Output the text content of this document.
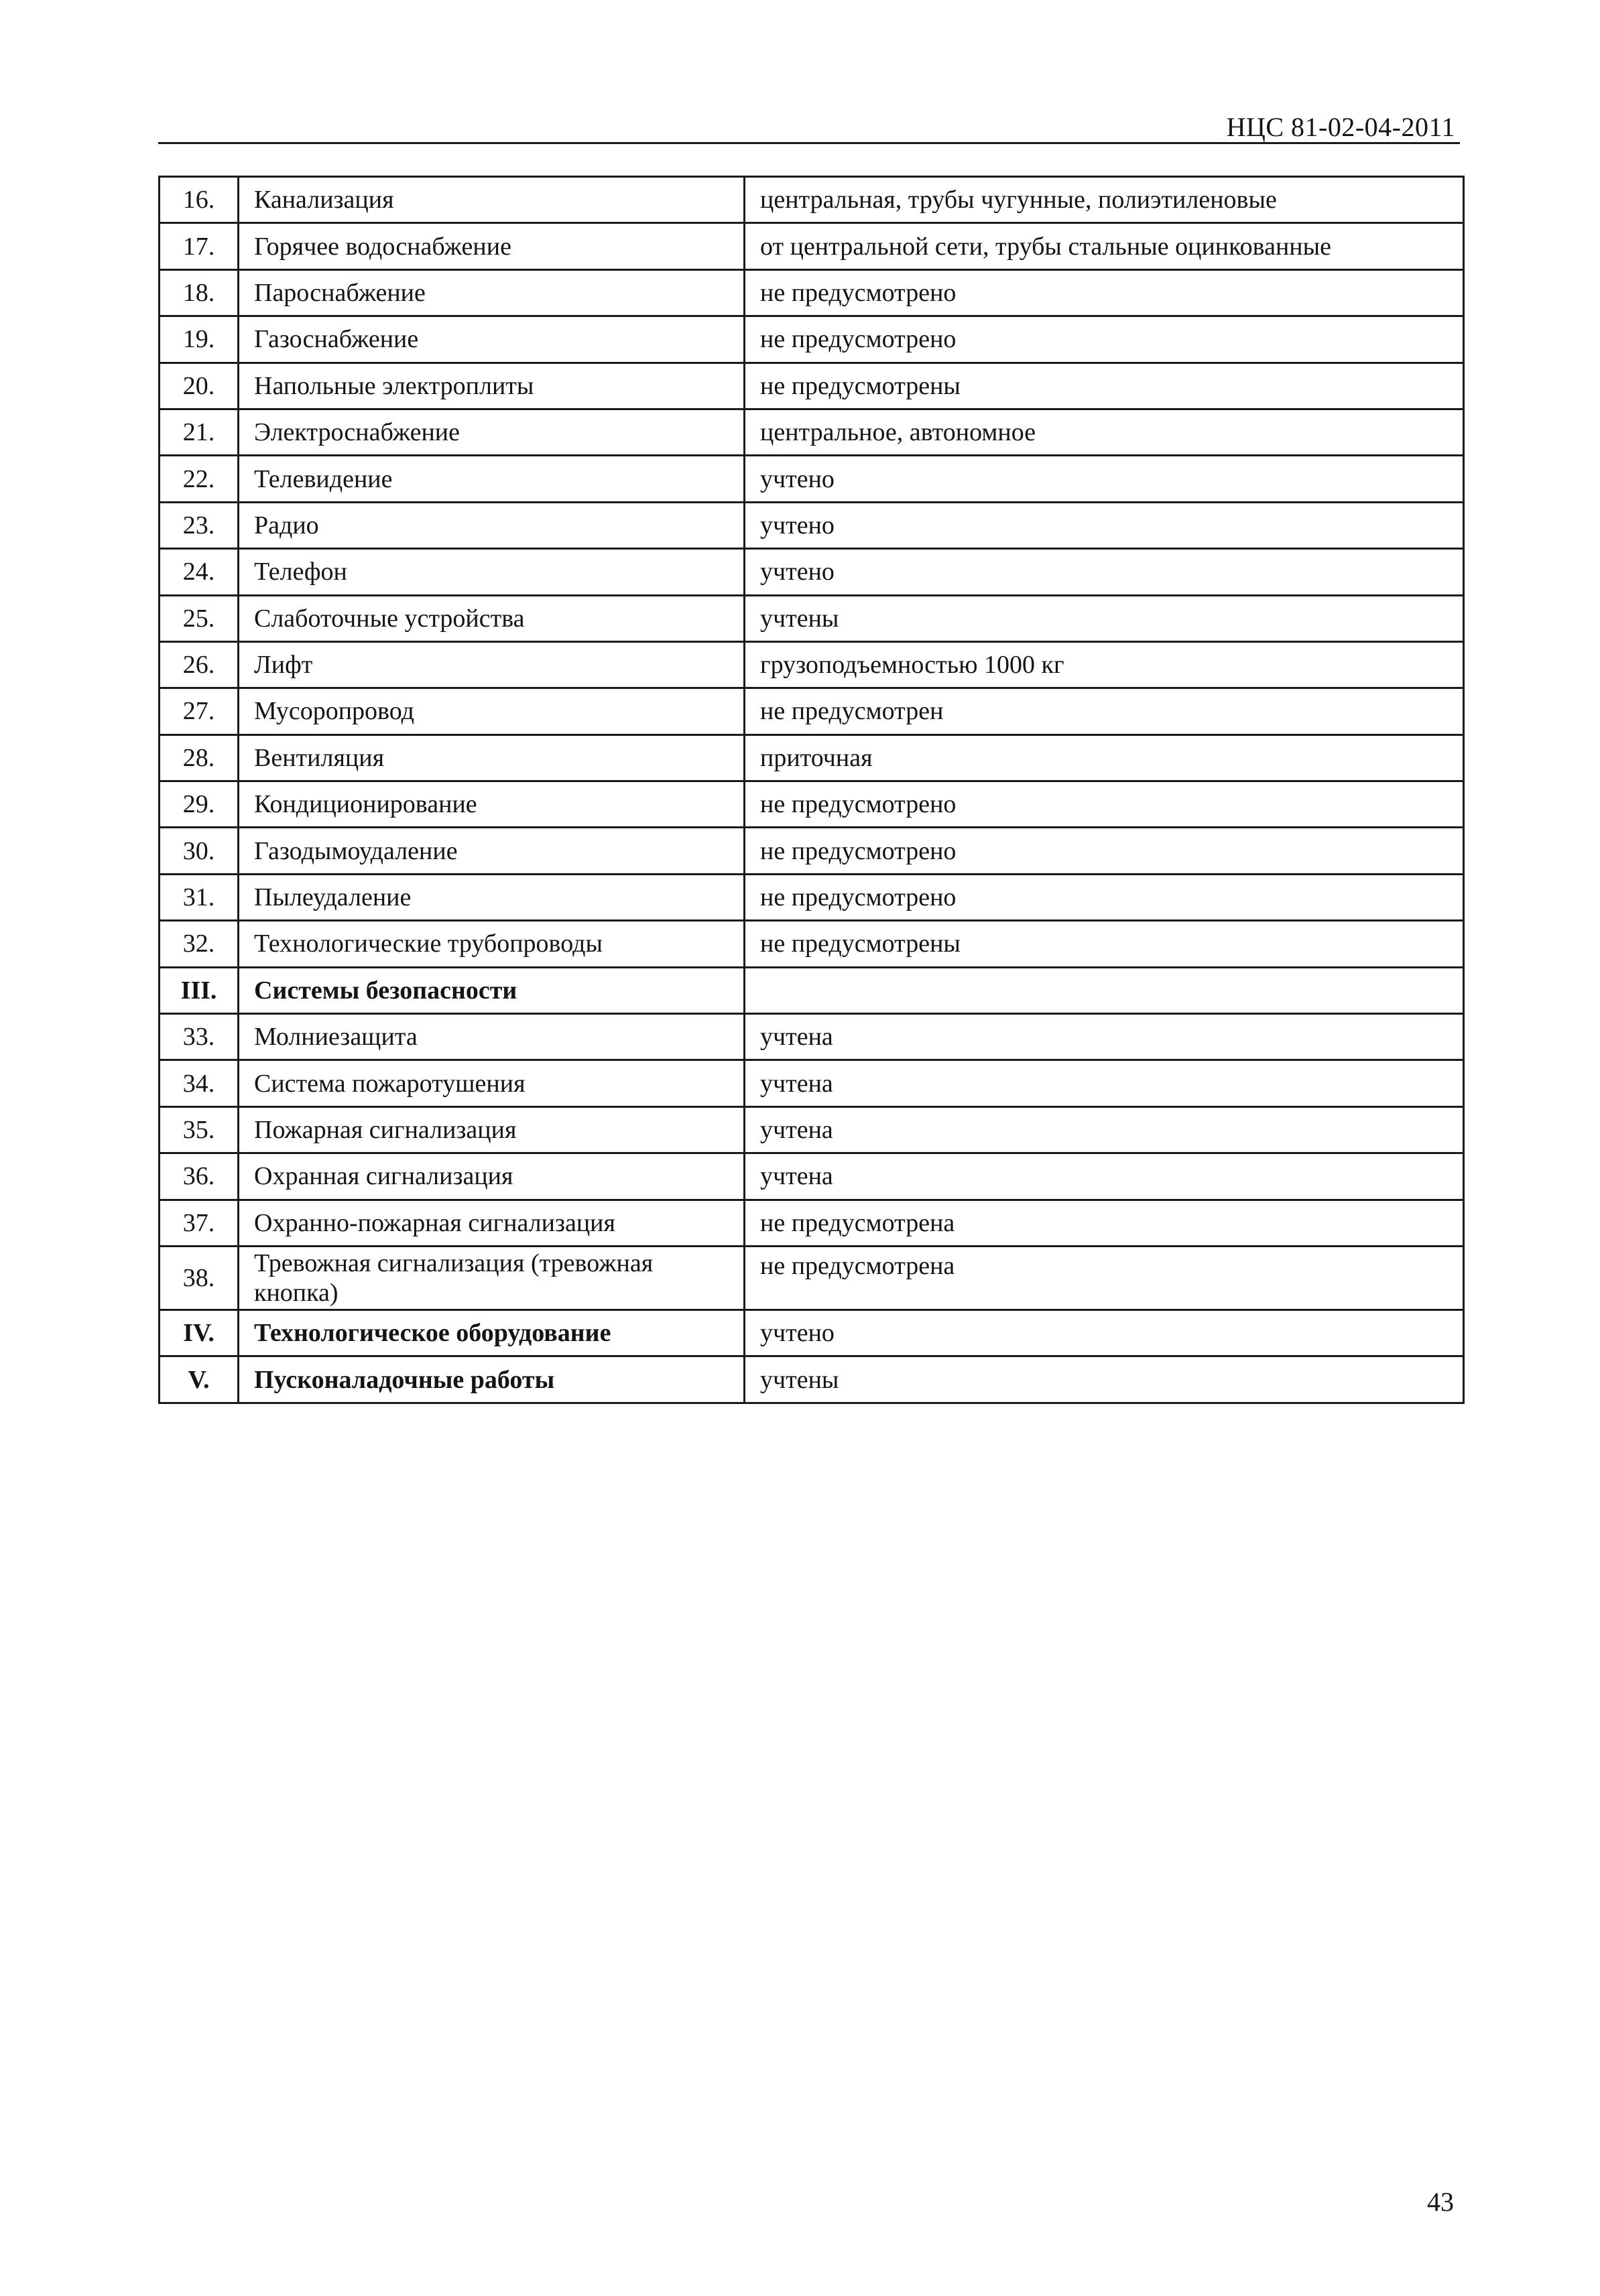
НЦС 81-02-04-2011
16.	Канализация	центральная, трубы чугунные, полиэтиленовые
17.	Горячее водоснабжение	от центральной сети, трубы стальные оцинкованные
18.	Пароснабжение	не предусмотрено
19.	Газоснабжение	не предусмотрено
20.	Напольные электроплиты	не предусмотрены
21.	Электроснабжение	центральное, автономное
22.	Телевидение	учтено
23.	Радио	учтено
24.	Телефон	учтено
25.	Слаботочные устройства	учтены
26.	Лифт	грузоподъемностью 1000 кг
27.	Мусоропровод	не предусмотрен
28.	Вентиляция	приточная
29.	Кондиционирование	не предусмотрено
30.	Газодымоудаление	не предусмотрено
31.	Пылеудаление	не предусмотрено
32.	Технологические трубопроводы	не предусмотрены
III.	Системы безопасности	
33.	Молниезащита	учтена
34.	Система пожаротушения	учтена
35.	Пожарная сигнализация	учтена
36.	Охранная сигнализация	учтена
37.	Охранно-пожарная сигнализация	не предусмотрена
38.	Тревожная сигнализация (тревожная кнопка)	не предусмотрена
IV.	Технологическое оборудование	учтено
V.	Пусконаладочные работы	учтены
43
